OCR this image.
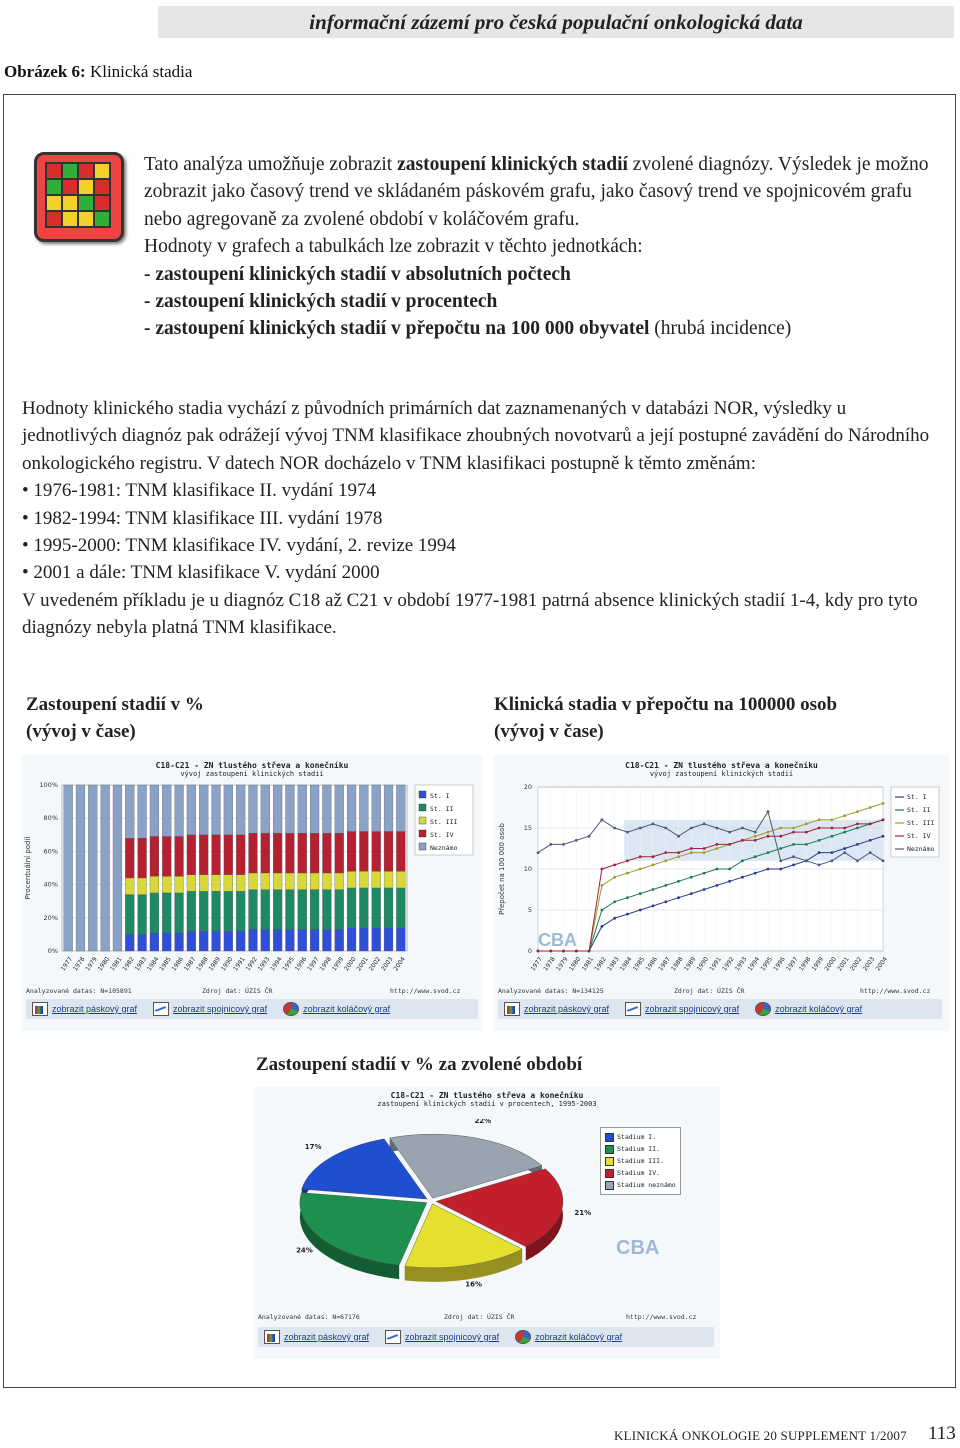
informační zázemí pro česká populační onkologická data
Obrázek 6: Klinická stadia

Tato analýza umožňuje zobrazit zastoupení klinických stadií zvolené diagnózy. Výsledek je možno zobrazit jako časový trend ve skládaném páskovém grafu, jako časový trend ve spojnicovém grafu nebo agregovaně za zvolené období v koláčovém grafu.

Hodnoty v grafech a tabulkách lze zobrazit v těchto jednotkách:

- zastoupení klinických stadií v absolutních počtech

- zastoupení klinických stadií v procentech

- zastoupení klinických stadií v přepočtu na 100 000 obyvatel (hrubá incidence)

Hodnoty klinického stadia vychází z původních primárních dat zaznamenaných v databázi NOR, výsledky u jednotlivých diagnóz pak odrážejí vývoj TNM klasifikace zhoubných novotvarů a její postupné zavádění do Národního onkologického registru. V datech NOR docházelo v TNM klasifikaci postupně k těmto změnám:

• 1976-1981: TNM klasifikace II. vydání 1974
• 1982-1994: TNM klasifikace III. vydání 1978
• 1995-2000: TNM klasifikace IV. vydání, 2. revize 1994
• 2001 a dále: TNM klasifikace V. vydání 2000

V uvedeném příkladu je u diagnóz C18 až C21 v období 1977-1981 patrná absence klinických stadií 1-4, kdy pro tyto diagnózy nebyla platná TNM klasifikace.

Zastoupení stadií v %
(vývoj v čase)
C18-C21 - ZN tlustého střeva a konečníku
vývoj zastoupení klinických stadií
Procentuální podíl
0%
20%
40%
60%
80%
100%
1977
1978
1979
1980
1981
1982
1983
1984
1985
1986
1987
1988
1989
1990
1991
1992
1993
1994
1995
1996
1997
1998
1999
2000
2001
2002
2003
2004
St. I
St. II
St. III
St. IV
Neznámo
Analyzované datas: N=105891	Zdroj dat: ÚZIS ČR	http://www.svod.cz
zobrazit páskový graf	zobrazit spojnicový graf	zobrazit koláčový graf
Klinická stadia v přepočtu na 100000 osob
(vývoj v čase)
C18-C21 - ZN tlustého střeva a konečníku
vývoj zastoupení klinických stadií
Přepočet na 100 000 osob
0
5
10
15
20
1977
1978
1979
1980
1981
1982
1983
1984
1985
1986
1987
1988
1989
1990
1991
1992
1993
1994
1995
1996
1997
1998
1999
2000
2001
2002
2003
2004
St. I
St. II
St. III
St. IV
Neznámo
CBA
Analyzované datas: N=134125	Zdroj dat: ÚZIS ČR	http://www.svod.cz
zobrazit páskový graf	zobrazit spojnicový graf	zobrazit koláčový graf
Zastoupení stadií v % za zvolené období
C18-C21 - ZN tlustého střeva a konečníku
zastoupení klinických stadií v procentech, 1995-2003
17%
22%
21%
16%
24%
Stadium I.
Stadium II.
Stadium III.
Stadium IV.
Stadium neznámo
CBA
Analyzované datas: N=67176	Zdroj dat: ÚZIS ČR	http://www.svod.cz
zobrazit páskový graf	zobrazit spojnicový graf	zobrazit koláčový graf
KLINICKÁ ONKOLOGIE 20 SUPPLEMENT 1/2007 113
